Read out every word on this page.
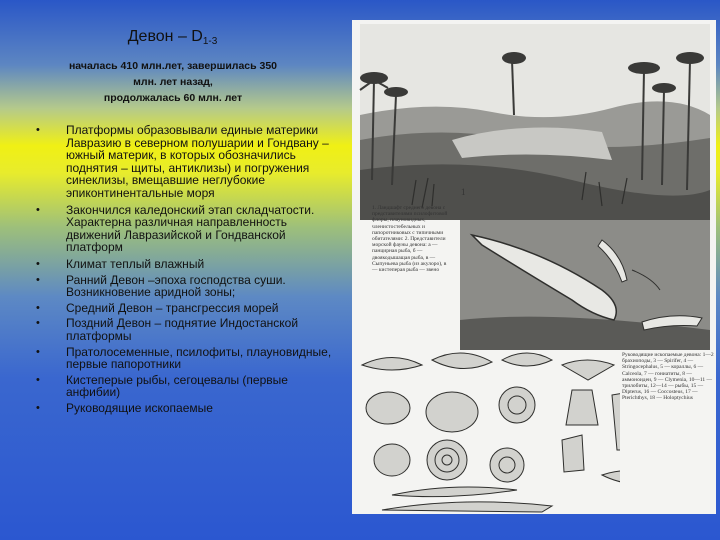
Девон – $D_{1-3}$
началась 410 млн.лет, завершилась 350
млн. лет назад,
продолжалась 60 млн. лет
• Платформы образовывали единые материки Лавразию в северном полушарии и Гондвану – южный материк, в которых обозначились поднятия – щиты, антиклизы) и погружения синеклизы, вмещавшие неглубокие эпиконтинентальные моря
• Закончился каледонский этап складчатости. Характерна различная направленность движений Лавразийской и Гондванской платформ
• Климат теплый влажный
• Ранний Девон –эпоха господства суши. Возникновение аридной зоны;
• Средний Девон – трансгрессия морей
• Поздний Девон – поднятие Индостанской платформы
• Пратолосеменные, псилофиты, плауновидные, первые папоротники
• Кистеперые рыбы, сегоцевалы (первые анфибии)
• Руководящие ископаемые
1
1. Ландшафт среднего девона с представителями псилофитовой флоры, плауновидных, членистостебельных и папоротниковых с типичными обитателями: 2. Представители морской фауны девона: а — панцирная рыба, б — двоякодышащая рыба, в — Сыпуньева рыба (из акулоро), в — кистеперая рыба — звено
Руководящие ископаемые девона: 1—2 брахиоподы, 3 — Spirifer, 4 — Stringocephalus, 5 — кораллы, 6 — Calceola, 7 — гониатиты, 8 — аммоноидеи, 9 — Clymenia, 10—11 — трилобиты, 12—14 — рыбы, 15 — Dipterus, 16 — Coccosteus, 17 — Pterichthys, 18 — Holoptychius
